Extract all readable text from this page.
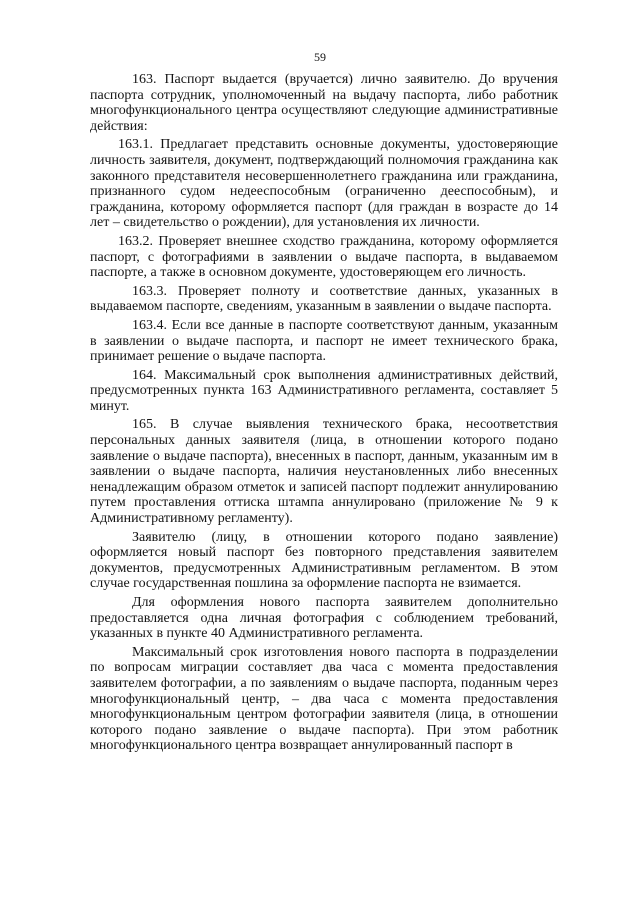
59

163. Паспорт выдается (вручается) лично заявителю. До вручения паспорта сотрудник, уполномоченный на выдачу паспорта, либо работник многофункционального центра осуществляют следующие административные действия:

163.1. Предлагает представить основные документы, удостоверяющие личность заявителя, документ, подтверждающий полномочия гражданина как законного представителя несовершеннолетнего гражданина или гражданина, признанного судом недееспособным (ограниченно дееспособным), и гражданина, которому оформляется паспорт (для граждан в возрасте до 14 лет – свидетельство о рождении), для установления их личности.

163.2. Проверяет внешнее сходство гражданина, которому оформляется паспорт, с фотографиями в заявлении о выдаче паспорта, в выдаваемом паспорте, а также в основном документе, удостоверяющем его личность.

163.3. Проверяет полноту и соответствие данных, указанных в выдаваемом паспорте, сведениям, указанным в заявлении о выдаче паспорта.

163.4. Если все данные в паспорте соответствуют данным, указанным в заявлении о выдаче паспорта, и паспорт не имеет технического брака, принимает решение о выдаче паспорта.

164. Максимальный срок выполнения административных действий, предусмотренных пункта 163 Административного регламента, составляет 5 минут.

165. В случае выявления технического брака, несоответствия персональных данных заявителя (лица, в отношении которого подано заявление о выдаче паспорта), внесенных в паспорт, данным, указанным им в заявлении о выдаче паспорта, наличия неустановленных либо внесенных ненадлежащим образом отметок и записей паспорт подлежит аннулированию путем проставления оттиска штампа аннулировано (приложение № 9 к Административному регламенту).

Заявителю (лицу, в отношении которого подано заявление) оформляется новый паспорт без повторного представления заявителем документов, предусмотренных Административным регламентом. В этом случае государственная пошлина за оформление паспорта не взимается.

Для оформления нового паспорта заявителем дополнительно предоставляется одна личная фотография с соблюдением требований, указанных в пункте 40 Административного регламента.

Максимальный срок изготовления нового паспорта в подразделении по вопросам миграции составляет два часа с момента предоставления заявителем фотографии, а по заявлениям о выдаче паспорта, поданным через многофункциональный центр, – два часа с момента предоставления многофункциональным центром фотографии заявителя (лица, в отношении которого подано заявление о выдаче паспорта). При этом работник многофункционального центра возвращает аннулированный паспорт в
